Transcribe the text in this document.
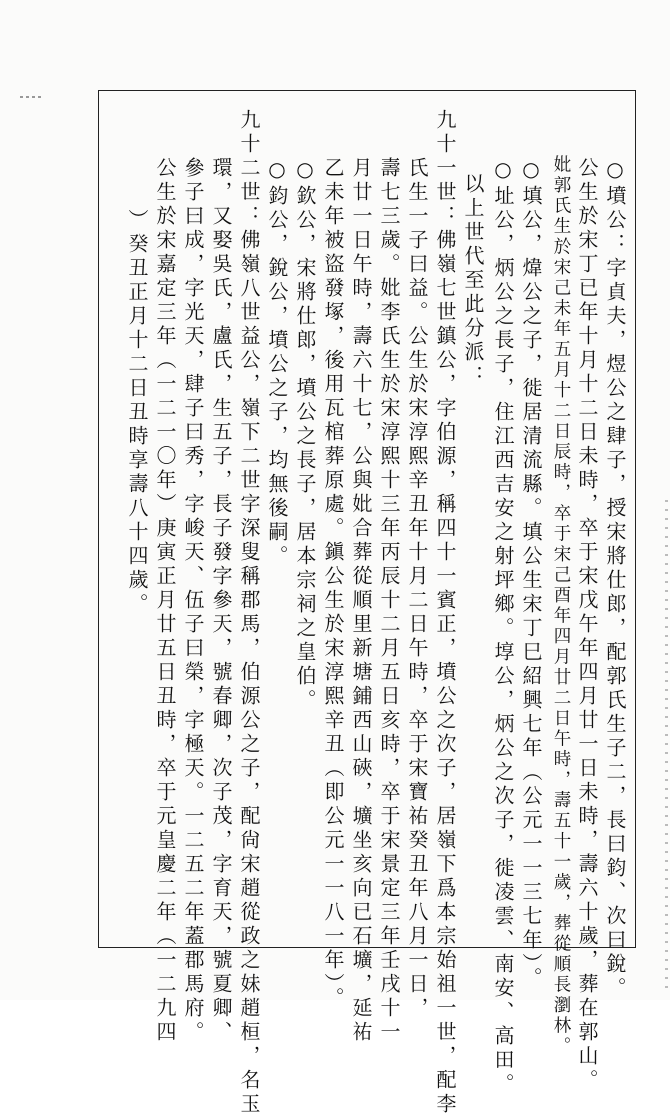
○墳公：字貞夫，煜公之肆子，授宋將仕郎，配郭氏生子二，長曰鈞、次曰銳。
公生於宋丁已年十月十二日未時，卒于宋戊午年四月廿一日未時，壽六十歲，葬在郭山。
妣郭氏生於宋己未年五月十二日辰時，卒于宋己酉年四月廿二日午時，壽五十一歲，葬從順長瀏林。
○填公，煒公之子，徙居清流縣。填公生宋丁巳紹興七年（公元一一三七年）。
○址公，炳公之長子，住江西吉安之射坪鄉。埻公，炳公之次子，徙凌雲、南安、高田。
以上世代至此分派：
九十一世：佛嶺七世鎮公，字伯源，稱四十一賓正，墳公之次子，居嶺下爲本宗始祖一世，配李
氏生一子曰益。公生於宋淳熙辛丑年十月二日午時，卒于宋寶祐癸丑年八月一日，
壽七三歲。妣李氏生於宋淳熙十三年丙辰十二月五日亥時，卒于宋景定三年壬戌十一
月廿一日午時，壽六十七，公與妣合葬從順里新塘鋪西山硤，壙坐亥向已石壙，延祐
乙未年被盜發塚，後用瓦棺葬原處。鎭公生於宋淳熙辛丑（即公元一一八一年）。
○欽公，宋將仕郎，墳公之長子，居本宗祠之皇伯。
○鈞公，銳公，墳公之子，均無後嗣。
九十二世：佛嶺八世益公，嶺下二世字深叟稱郡馬，伯源公之子，配尙宋趙從政之妹趙桓，名玉
環，又娶吳氏，盧氏，生五子，長子發字參天，號春卿，次子茂，字育天，號夏卿、
參子曰成，字光天，肆子曰秀，字峻天、伍子曰榮，字極天。一二五二年蓋郡馬府。
公生於宋嘉定三年（一二一〇年）庚寅正月廿五日丑時，卒于元皇慶二年（一二九四
）癸丑正月十二日丑時享壽八十四歲。
